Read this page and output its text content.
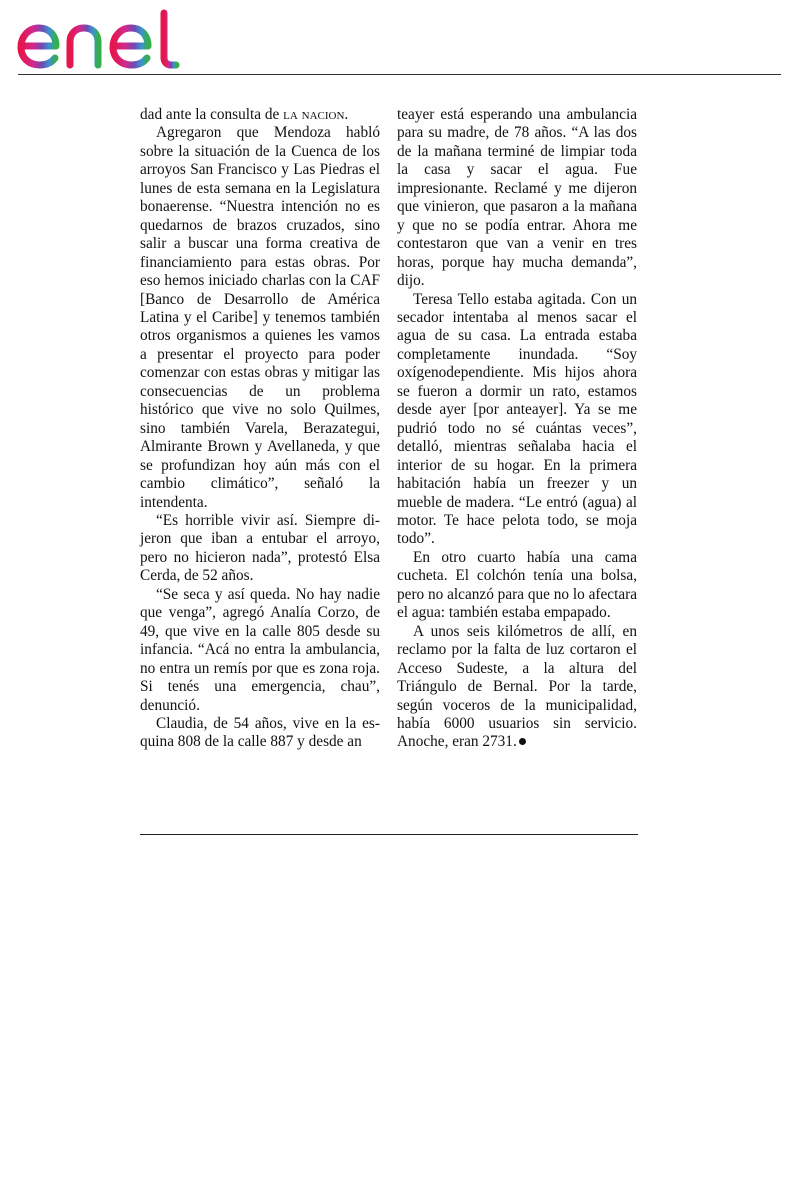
dad ante la consulta de la nacion.

Agregaron que Mendoza habló sobre la situación de la Cuenca de los arroyos San Francisco y Las Piedras el lunes de esta semana en la Legislatura bonaerense. “Nuestra intención no es quedarnos de brazos cruzados, sino salir a buscar una forma creativa de financiamiento para estas obras. Por eso hemos iniciado charlas con la CAF [Banco de Desarrollo de América Latina y el Caribe] y tenemos también otros organismos a quienes les vamos a presentar el proyecto para poder comenzar con estas obras y mitigar las consecuencias de un problema histórico que vive no solo Quilmes, sino también Varela, Berazategui, Almirante Brown y Avellaneda, y que se profundizan hoy aún más con el cambio climático”, señaló la intendenta.

“Es horrible vivir así. Siempre dijeron que iban a entubar el arroyo, pero no hicieron nada”, protestó Elsa Cerda, de 52 años.

“Se seca y así queda. No hay nadie que venga”, agregó Analía Corzo, de 49, que vive en la calle 805 desde su infancia. “Acá no entra la ambulancia, no entra un remís por que es zona roja. Si tenés una emergencia, chau”, denunció.

Claudia, de 54 años, vive en la esquina 808 de la calle 887 y desde an

teayer está esperando una ambulancia para su madre, de 78 años. “A las dos de la mañana terminé de limpiar toda la casa y sacar el agua. Fue impresionante. Reclamé y me dijeron que vinieron, que pasaron a la mañana y que no se podía entrar. Ahora me contestaron que van a venir en tres horas, porque hay mucha demanda”, dijo.

Teresa Tello estaba agitada. Con un secador intentaba al menos sacar el agua de su casa. La entrada estaba completamente inundada. “Soy oxígenodependiente. Mis hijos ahora se fueron a dormir un rato, estamos desde ayer [por anteayer]. Ya se me pudrió todo no sé cuántas veces”, detalló, mientras señalaba hacia el interior de su hogar. En la primera habitación había un freezer y un mueble de madera. “Le entró (agua) al motor. Te hace pelota todo, se moja todo”.

En otro cuarto había una cama cucheta. El colchón tenía una bolsa, pero no alcanzó para que no lo afectara el agua: también estaba empapado.

A unos seis kilómetros de allí, en reclamo por la falta de luz cortaron el Acceso Sudeste, a la altura del Triángulo de Bernal. Por la tarde, según voceros de la municipalidad, había 6000 usuarios sin servicio. Anoche, eran 2731.
